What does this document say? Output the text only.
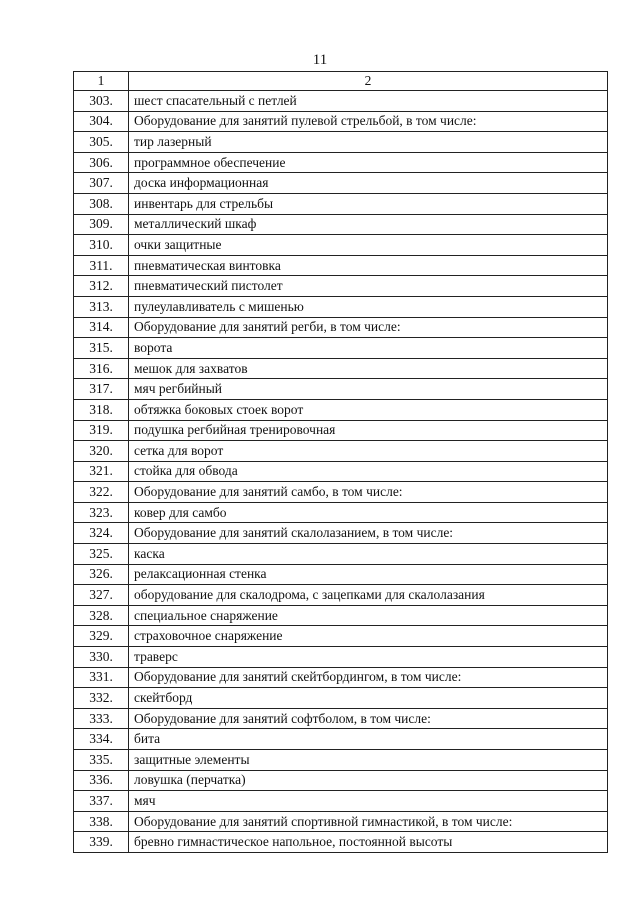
11
1	2
303.	шест спасательный с петлей
304.	Оборудование для занятий пулевой стрельбой, в том числе:
305.	тир лазерный
306.	программное обеспечение
307.	доска информационная
308.	инвентарь для стрельбы
309.	металлический шкаф
310.	очки защитные
311.	пневматическая винтовка
312.	пневматический пистолет
313.	пулеулавливатель с мишенью
314.	Оборудование для занятий регби, в том числе:
315.	ворота
316.	мешок для захватов
317.	мяч регбийный
318.	обтяжка боковых стоек ворот
319.	подушка регбийная тренировочная
320.	сетка для ворот
321.	стойка для обвода
322.	Оборудование для занятий самбо, в том числе:
323.	ковер для самбо
324.	Оборудование для занятий скалолазанием, в том числе:
325.	каска
326.	релаксационная стенка
327.	оборудование для скалодрома, с зацепками для скалолазания
328.	специальное снаряжение
329.	страховочное снаряжение
330.	траверс
331.	Оборудование для занятий скейтбордингом, в том числе:
332.	скейтборд
333.	Оборудование для занятий софтболом, в том числе:
334.	бита
335.	защитные элементы
336.	ловушка (перчатка)
337.	мяч
338.	Оборудование для занятий спортивной гимнастикой, в том числе:
339.	бревно гимнастическое напольное, постоянной высоты
